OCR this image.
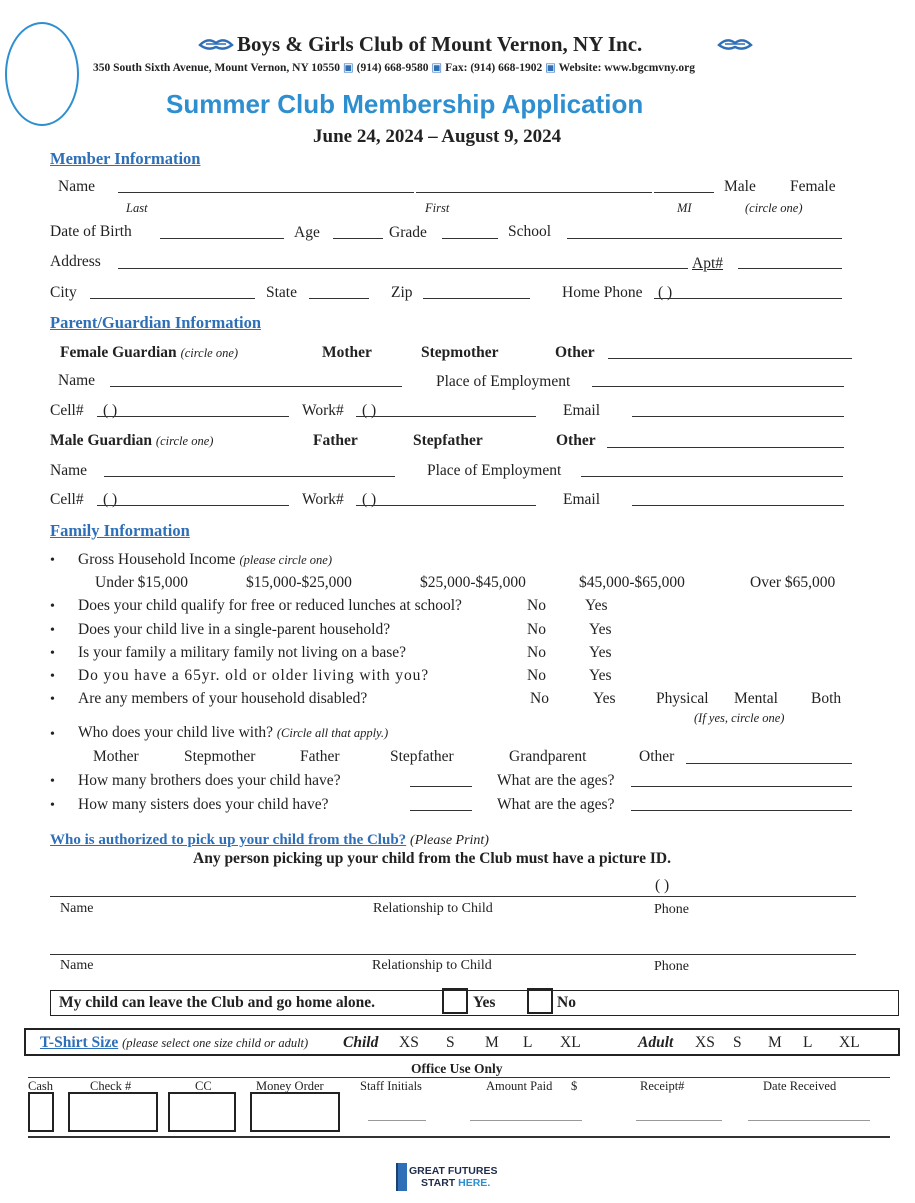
Boys & Girls Club of Mount Vernon, NY Inc.
350 South Sixth Avenue, Mount Vernon, NY 10550 ▣ (914) 668-9580 ▣ Fax: (914) 668-1902 ▣ Website: www.bgcmvny.org
Summer Club Membership Application
June 24, 2024 – August 9, 2024
Member Information
Name	Male Female
Last	First	MI	(circle one)
Date of Birth	Age	Grade	School
Address	Apt#
City	State	Zip	Home Phone ( )
Parent/Guardian Information
Female Guardian (circle one)	Mother	Stepmother	Other
Name	Place of Employment
Cell# ( )	Work# ( )	Email
Male Guardian (circle one)	Father	Stepfather	Other
Name	Place of Employment
Cell# ( )	Work# ( )	Email
Family Information
• Gross Household Income (please circle one)
Under $15,000	$15,000-$25,000	$25,000-$45,000	$45,000-$65,000	Over $65,000
• Does your child qualify for free or reduced lunches at school?	No	Yes
• Does your child live in a single-parent household?	No	Yes
• Is your family a military family not living on a base?	No	Yes
• Do you have a 65yr. old or older living with you?	No	Yes
• Are any members of your household disabled?	No	Yes	Physical Mental Both
(If yes, circle one)
• Who does your child live with? (Circle all that apply.)
Mother	Stepmother	Father	Stepfather	Grandparent	Other
• How many brothers does your child have?	What are the ages?
• How many sisters does your child have?	What are the ages?
Who is authorized to pick up your child from the Club? (Please Print)
Any person picking up your child from the Club must have a picture ID.
( )
Name	Relationship to Child	Phone
Name	Relationship to Child	Phone
My child can leave the Club and go home alone.	Yes	No
T-Shirt Size (please select one size child or adult) Child XS S M L XL	Adult XS S M L XL
Office Use Only
Cash	Check #	CC	Money Order	Staff Initials	Amount Paid $	Receipt#	Date Received
GREAT FUTURES
START HERE.
